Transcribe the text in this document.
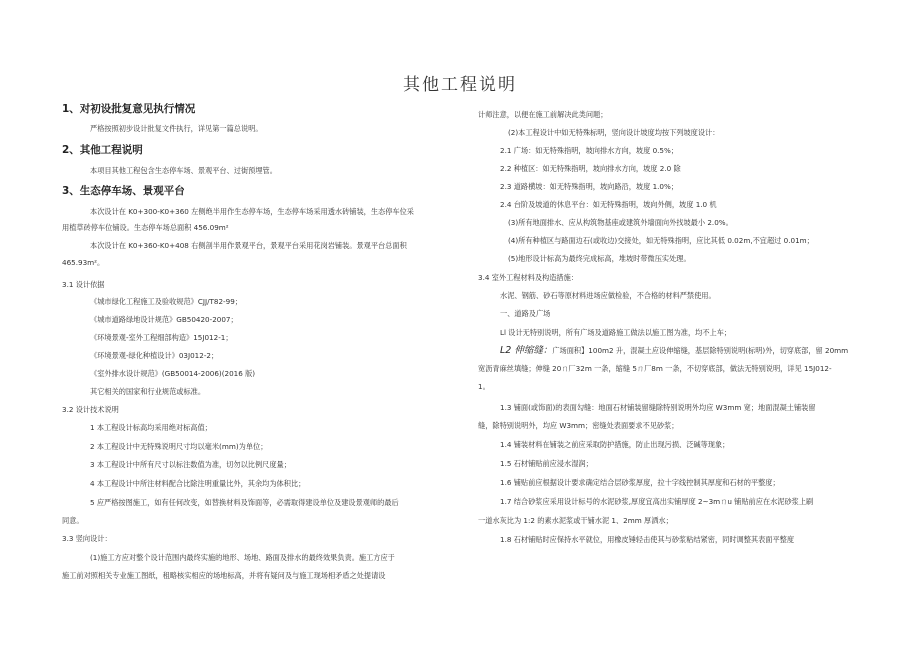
其他工程说明
1、对初设批复意见执行情况
严格按照初步设计批复文件执行，详见第一篇总说明。
2、其他工程说明
本项目其他工程包含生态停车场、景观平台、过街预埋管。
3、生态停车场、景观平台
本次设计在 K0+300-K0+360 左侧绝半用作生态停车场，生态停车场采用透水砖铺装，生态停车位采
用植草砖停车位铺设。生态停车场总面积 456.09m²
本次设计在 K0+360-K0+408 右侧剖半用作景观平台，景观平台采用花岗岩铺装。景观平台总面积
465.93m²。
3.1 设计依据
《城市绿化工程施工及验收规范》CJJ/T82-99；
《城市道路绿地设计规范》GB50420-2007；
《环境景观-室外工程细部构造》15J012-1；
《环境景观-绿化种植设计》03J012-2；
《室外排水设计规范》(GB50014-2006)(2016 版)
其它相关的国家和行业规范或标准。
3.2 设计技术说明
1 本工程设计标高均采用绝对标高值；
2 本工程设计中无特殊说明尺寸均以毫米(mm)为单位；
3 本工程设计中所有尺寸以标注数值为准，切勿以比例尺度量；
4 本工程设计中所注材料配合比除注明重量比外，其余均为体积比；
5 应严格按图施工，如有任何改变，如替换材料及饰面等，必需取得建设单位及建设景观师的最后
同意。
3.3 竖向设计：
(1)施工方应对整个设计范围内最终实施的地形、场地、路面及排水的最终效果负责。施工方应于
施工前对照相关专业施工图纸，租略核实相应的场地标高，并将有疑问及与施工现场相矛盾之处提请设
计师注意，以便在施工前解决此类问题；
(2)本工程设计中如无特殊标明，竖向设计坡度均按下列坡度设计：
2.1 广场：如无特殊指明，坡向排水方向，坡度 0.5%；
2.2 种植区：如无特殊指明，坡向排水方向，坡度 2.0 除
2.3 道路横坡：如无特殊指明，坡向路沿，坡度 1.0%；
2.4 台阶及坡道的休息平台：如无特殊指明，坡向外侧，坡度 1.0 机
(3)所有地面排水、应从构筑物基座或建筑外墙面向外找坡最小 2.0%。
(4)所有种植区与路面边石(或收边)交接处，如无特殊指明，应比其低 0.02m,不宜超过 0.01m；
(5)地形设计标高为最终完成标高，堆坡时带微压实处理。
3.4 室外工程材料及构造措施：
水泥、钢筋、砂石等原材料进场应做检验，不合格的材料严禁使用。
一、道路及广场
Ll 设计无特别说明，所有广场及道路施工做法以施工图为准，均不上车；
L2 伸缩缝：广场面积】100m2 升，混凝土应设伸缩缝，基层除特别说明(标明)外，切穿底部，留 20mm
宽沥青麻丝填缝；伸缝 20ㄇ厂32m 一条，缩缝 5ㄇ厂8m 一条，不切穿底部，做法无特别说明，详见 15J012-
1。
1.3 铺面(或饰面)的表面勾缝：地面石材铺装留缝除特别说明外均应 W3mm 宽；地面混凝土铺装留
缝，除特别说明外，均应 W3mm；密缝处表面要求不见砂浆；
1.4 铺装材料在铺装之前应采取防护措施，防止出现污损、泛碱等现象；
1.5 石材铺贴前应浸水湿润；
1.6 铺贴前应根据设计要求确定结合层砂浆厚度，拉十字线控制其厚度和石材的平整度；
1.7 结合砂浆应采用设计标号的水泥砂浆,厚度宜高出实铺厚度 2~3mㄇu 铺贴前应在水泥砂浆上刷
一道水灰比为 1:2 的素水泥浆或干铺水泥 1、2mm 厚洒水；
1.8 石材铺贴时应保持水平就位，用橡皮锤轻击使其与砂浆粘结紧密，同时调整其表面平整度
